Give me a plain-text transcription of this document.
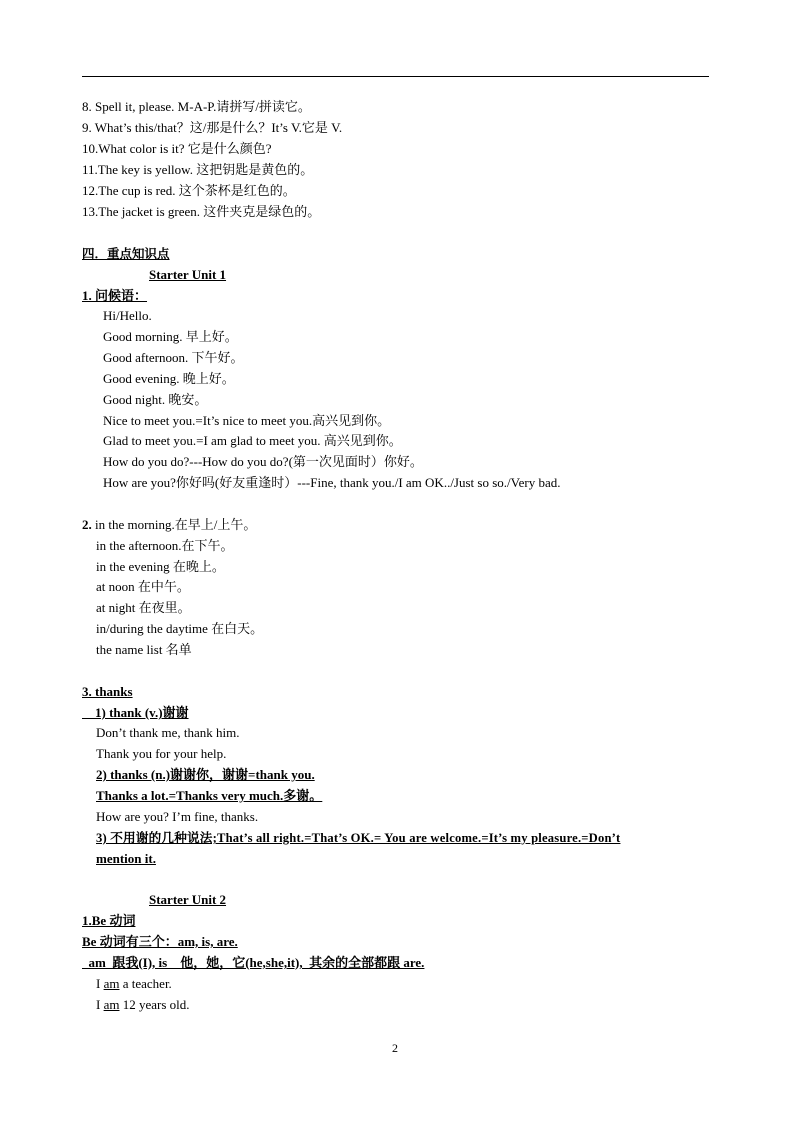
8. Spell it, please. M-A-P.请拼写/拼读它。
9. What’s this/that？这/那是什么？It’s V.它是 V.
10.What color is it? 它是什么颜色?
11.The key is yellow. 这把钥匙是黄色的。
12.The cup is red. 这个茶杯是红色的。
13.The jacket is green. 这件夹克是绿色的。
四．重点知识点
Starter Unit 1
1. 问候语：
Hi/Hello.
Good morning. 早上好。
Good afternoon. 下午好。
Good evening. 晚上好。
Good night. 晚安。
Nice to meet you.=It’s nice to meet you.高兴见到你。
Glad to meet you.=I am glad to meet you. 高兴见到你。
How do you do?---How do you do?(第一次见面时）你好。
How are you?你好吗(好友重逢时）---Fine, thank you./I am OK../Just so so./Very bad.
2. in the morning.在早上/上午。
in the afternoon.在下午。
in the evening 在晚上。
at noon 在中午。
at night 在夜里。
in/during the daytime 在白天。
the name list 名单
3. thanks
1) thank (v.)谢谢
Don’t thank me, thank him.
Thank you for your help.
2) thanks (n.)谢谢你，谢谢=thank you.
Thanks a lot.=Thanks very much.多谢。
How are you? I’m fine, thanks.
3) 不用谢的几种说法;That’s all right.=That’s OK.= You are welcome.=It’s my pleasure.=Don’t
mention it.
Starter Unit 2
1.Be 动词
Be 动词有三个：am, is, are.
am  跟我(I), is    他，她，它(he,she,it),  其余的全部都跟 are.
I am a teacher.
I am 12 years old.
2
